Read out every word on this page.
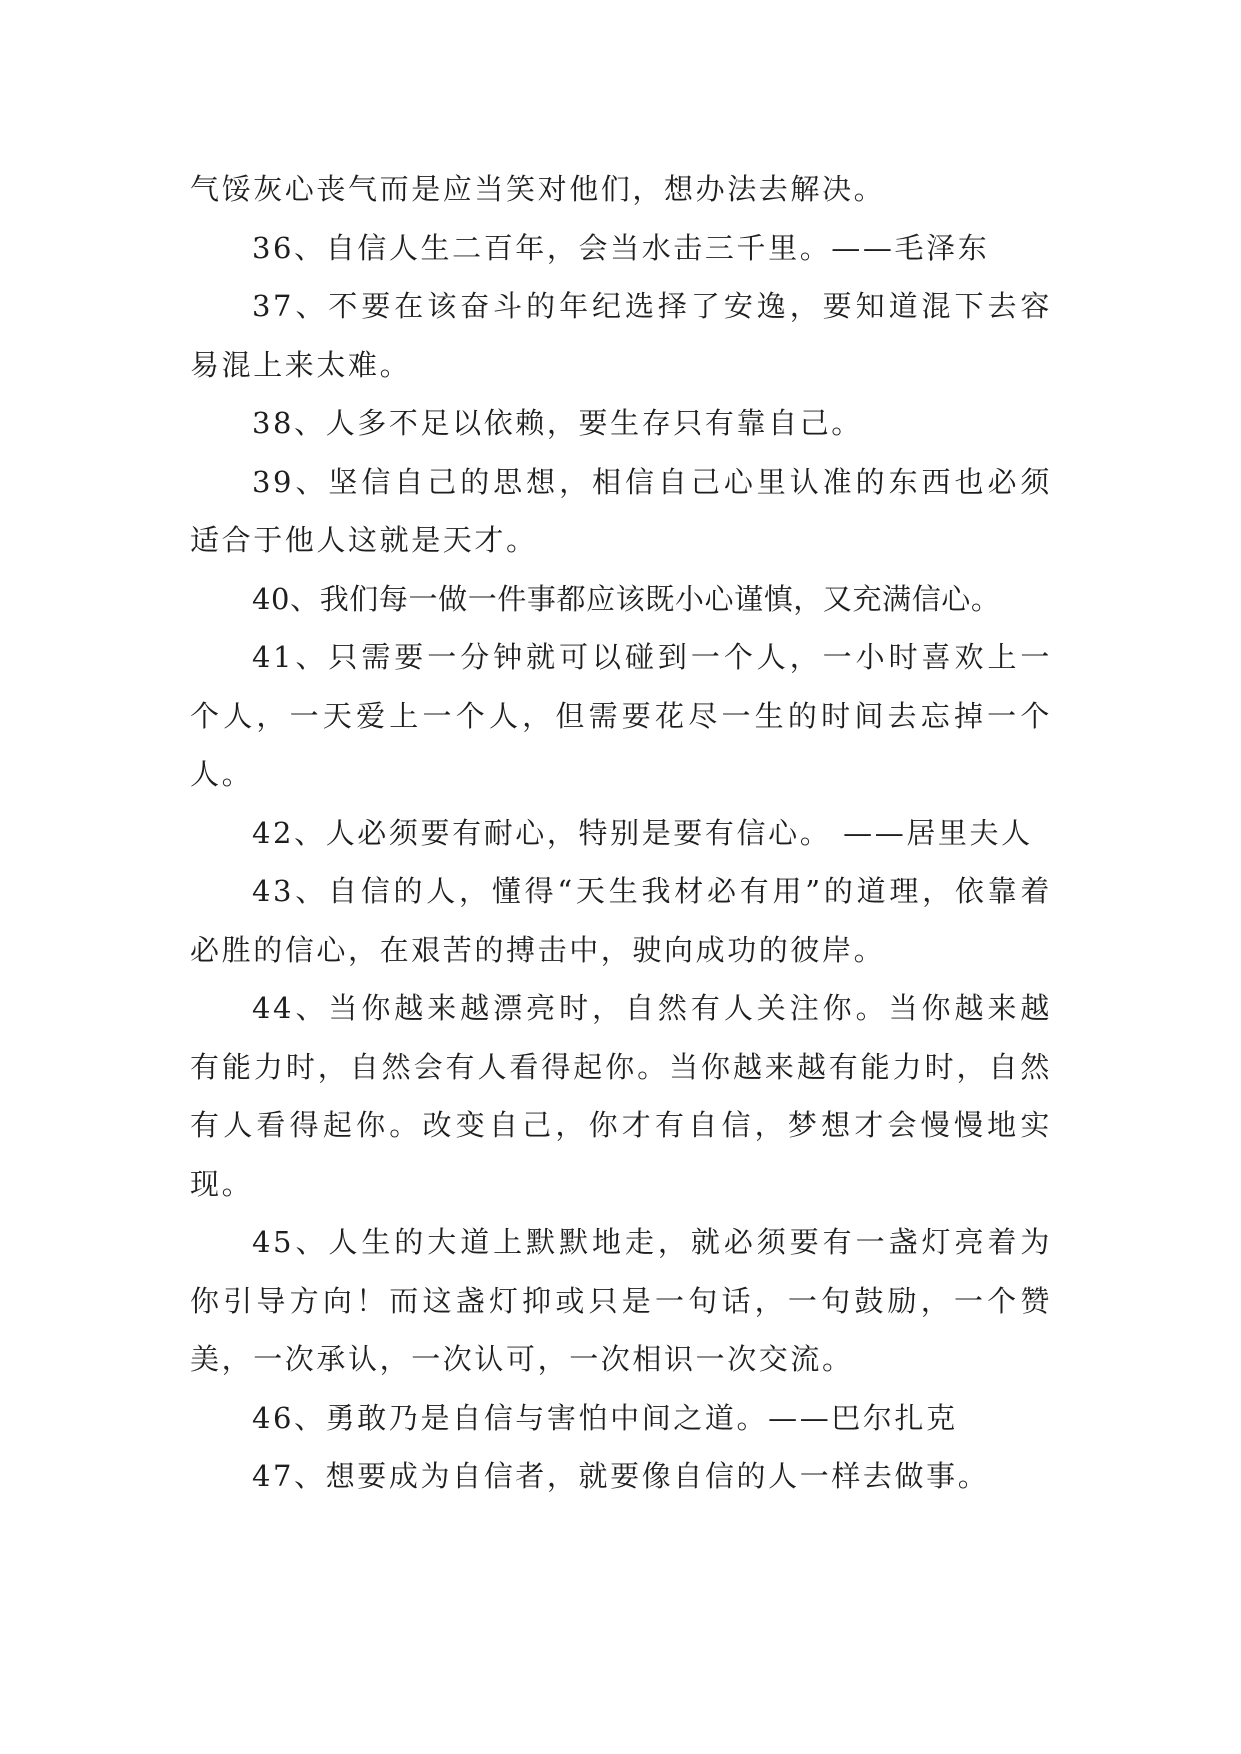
气馁灰心丧气而是应当笑对他们，想办法去解决。

36、自信人生二百年，会当水击三千里。——毛泽东

37、不要在该奋斗的年纪选择了安逸，要知道混下去容易混上来太难。

38、人多不足以依赖，要生存只有靠自己。

39、坚信自己的思想，相信自己心里认准的东西也必须适合于他人这就是天才。

40、我们每一做一件事都应该既小心谨慎，又充满信心。

41、只需要一分钟就可以碰到一个人，一小时喜欢上一个人，一天爱上一个人，但需要花尽一生的时间去忘掉一个人。

42、人必须要有耐心，特别是要有信心。 ——居里夫人

43、自信的人，懂得“天生我材必有用”的道理，依靠着必胜的信心，在艰苦的搏击中，驶向成功的彼岸。

44、当你越来越漂亮时，自然有人关注你。当你越来越有能力时，自然会有人看得起你。当你越来越有能力时，自然有人看得起你。改变自己，你才有自信，梦想才会慢慢地实现。

45、人生的大道上默默地走，就必须要有一盏灯亮着为你引导方向！而这盏灯抑或只是一句话，一句鼓励，一个赞美，一次承认，一次认可，一次相识一次交流。

46、勇敢乃是自信与害怕中间之道。——巴尔扎克

47、想要成为自信者，就要像自信的人一样去做事。
